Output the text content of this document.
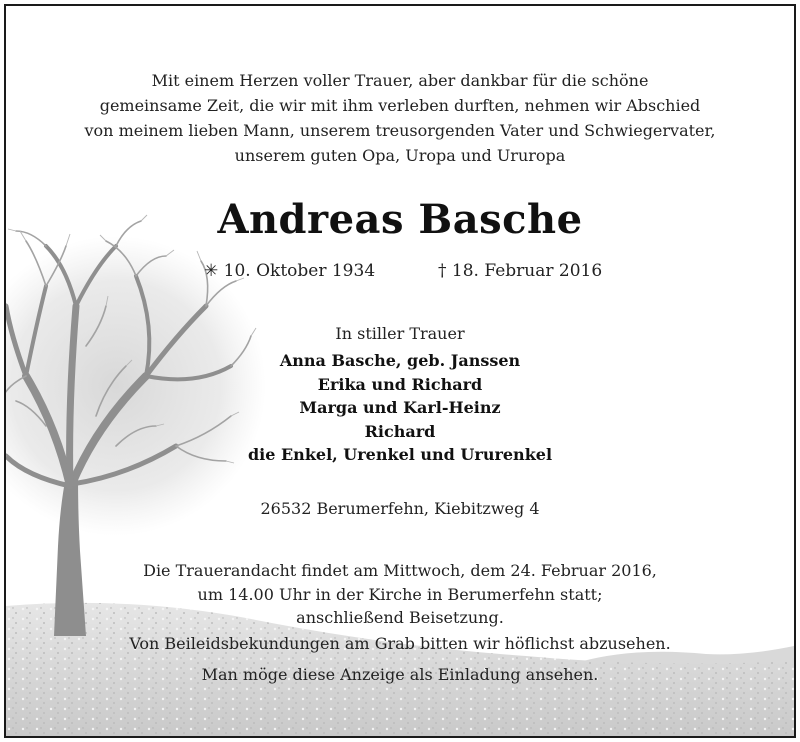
Mit einem Herzen voller Trauer, aber dankbar für die schöne
gemeinsame Zeit, die wir mit ihm verleben durften, nehmen wir Abschied
von meinem lieben Mann, unserem treusorgenden Vater und Schwiegervater,
unserem guten Opa, Uropa und Ururopa
Andreas Basche
✳ 10. Oktober 1934	† 18. Februar 2016
In stiller Trauer
Anna Basche, geb. Janssen
Erika und Richard
Marga und Karl-Heinz
Richard
die Enkel, Urenkel und Ururenkel
26532 Berumerfehn, Kiebitzweg 4
Die Trauerandacht findet am Mittwoch, dem 24. Februar 2016,
um 14.00 Uhr in der Kirche in Berumerfehn statt;
anschließend Beisetzung.
Von Beileidsbekundungen am Grab bitten wir höflichst abzusehen.
Man möge diese Anzeige als Einladung ansehen.
